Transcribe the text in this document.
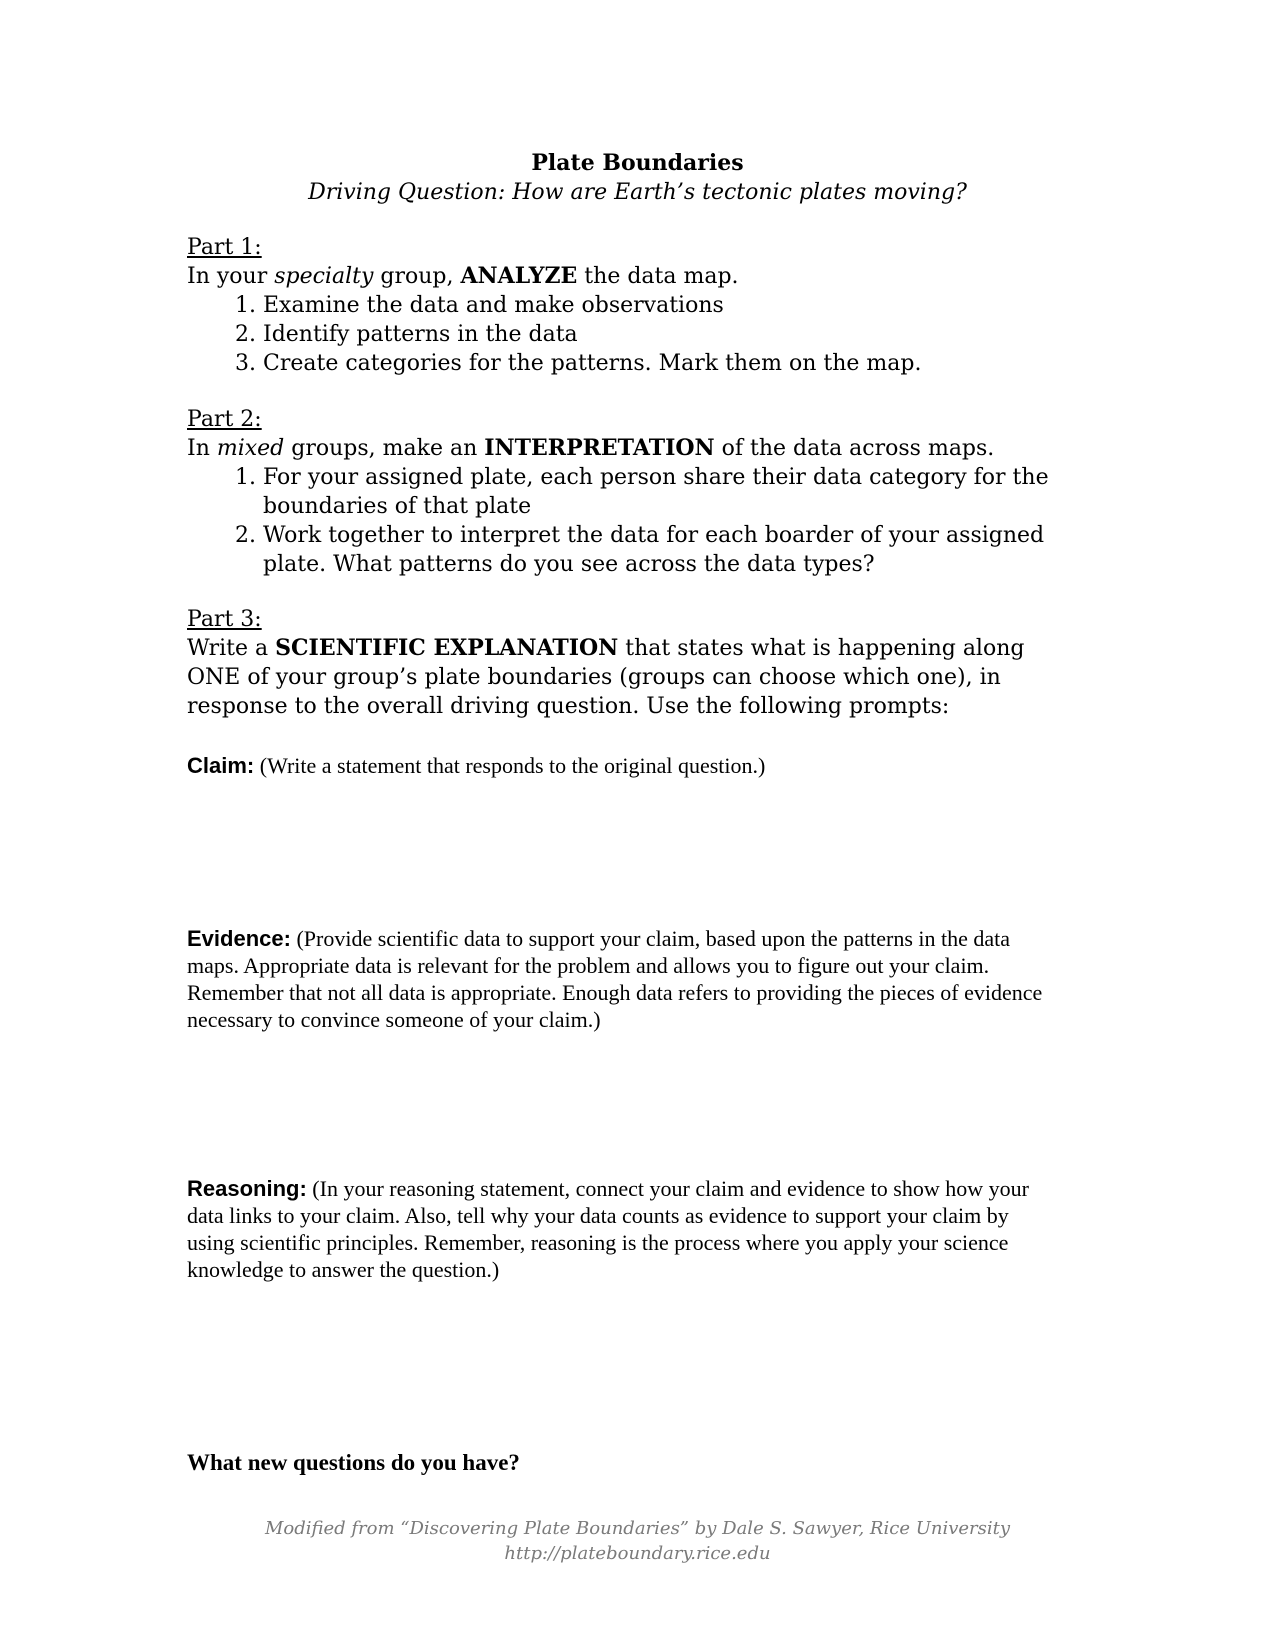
Plate Boundaries
Driving Question: How are Earth’s tectonic plates moving?
Part 1:
In your specialty group, ANALYZE the data map.
1. Examine the data and make observations
2. Identify patterns in the data
3. Create categories for the patterns. Mark them on the map.
Part 2:
In mixed groups, make an INTERPRETATION of the data across maps.
1. For your assigned plate, each person share their data category for the boundaries of that plate
2. Work together to interpret the data for each boarder of your assigned plate. What patterns do you see across the data types?
Part 3:
Write a SCIENTIFIC EXPLANATION that states what is happening along ONE of your group’s plate boundaries (groups can choose which one), in response to the overall driving question. Use the following prompts:
Claim: (Write a statement that responds to the original question.)
Evidence: (Provide scientific data to support your claim, based upon the patterns in the data maps. Appropriate data is relevant for the problem and allows you to figure out your claim. Remember that not all data is appropriate. Enough data refers to providing the pieces of evidence necessary to convince someone of your claim.)
Reasoning: (In your reasoning statement, connect your claim and evidence to show how your data links to your claim. Also, tell why your data counts as evidence to support your claim by using scientific principles. Remember, reasoning is the process where you apply your science knowledge to answer the question.)
What new questions do you have?
Modified from “Discovering Plate Boundaries” by Dale S. Sawyer, Rice University
http://plateboundary.rice.edu
